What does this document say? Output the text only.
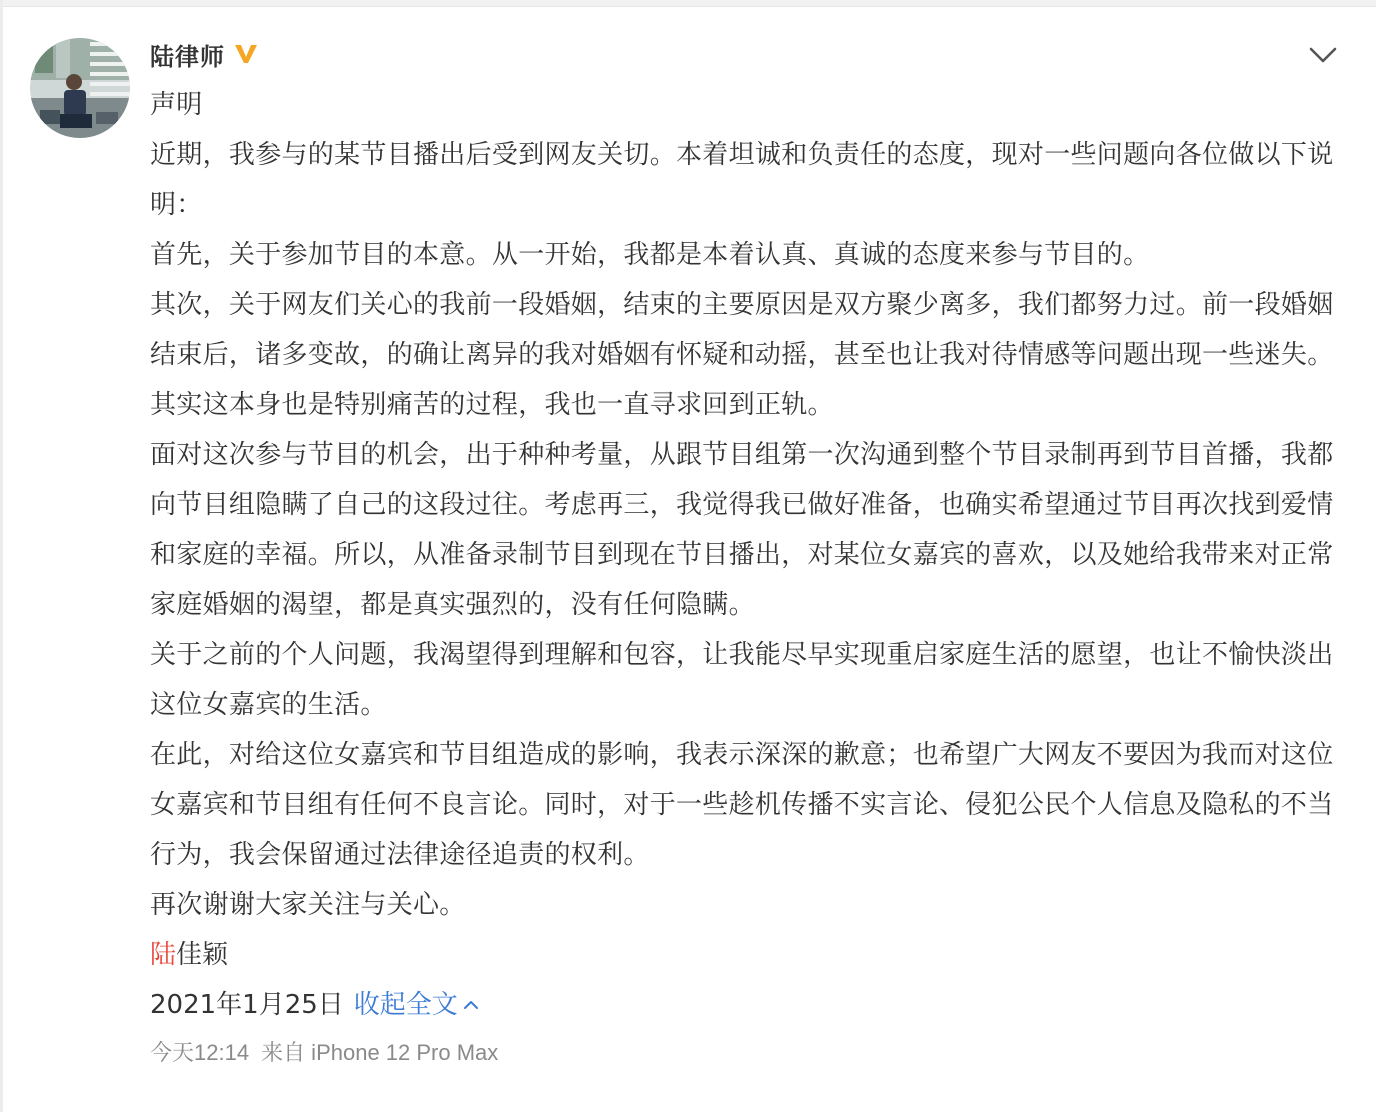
陆律师

声明

近期，我参与的某节目播出后受到网友关切。本着坦诚和负责任的态度，现对一些问题向各位做以下说明：

首先，关于参加节目的本意。从一开始，我都是本着认真、真诚的态度来参与节目的。

其次，关于网友们关心的我前一段婚姻，结束的主要原因是双方聚少离多，我们都努力过。前一段婚姻结束后，诸多变故，的确让离异的我对婚姻有怀疑和动摇，甚至也让我对待情感等问题出现一些迷失。其实这本身也是特别痛苦的过程，我也一直寻求回到正轨。

面对这次参与节目的机会，出于种种考量，从跟节目组第一次沟通到整个节目录制再到节目首播，我都向节目组隐瞒了自己的这段过往。考虑再三，我觉得我已做好准备，也确实希望通过节目再次找到爱情和家庭的幸福。所以，从准备录制节目到现在节目播出，对某位女嘉宾的喜欢，以及她给我带来对正常家庭婚姻的渴望，都是真实强烈的，没有任何隐瞒。

关于之前的个人问题，我渴望得到理解和包容，让我能尽早实现重启家庭生活的愿望，也让不愉快淡出这位女嘉宾的生活。

在此，对给这位女嘉宾和节目组造成的影响，我表示深深的歉意；也希望广大网友不要因为我而对这位女嘉宾和节目组有任何不良言论。同时，对于一些趁机传播不实言论、侵犯公民个人信息及隐私的不当行为，我会保留通过法律途径追责的权利。

再次谢谢大家关注与关心。

陆佳颖

2021年1月25日 收起全文

今天12:14 来自 iPhone 12 Pro Max
